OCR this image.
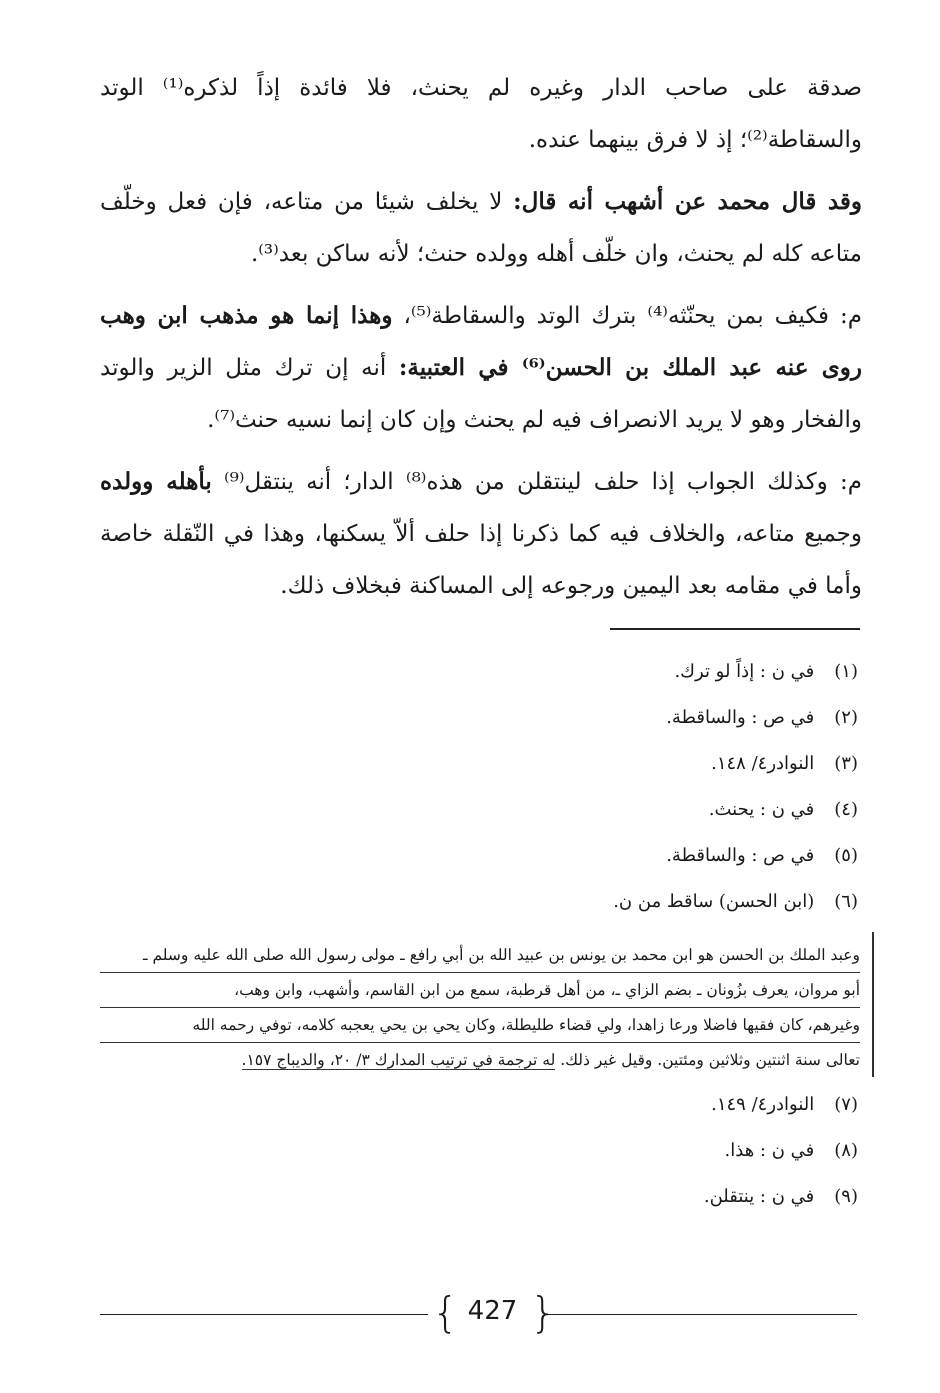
صدقة على صاحب الدار وغيره لم يحنث، فلا فائدة إذاً لذكره⁽¹⁾ الوتد والسقاطة⁽²⁾؛ إذ لا فرق بينهما عنده.

وقد قال محمد عن أشهب أنه قال: لا يخلف شيئا من متاعه، فإن فعل وخلّف متاعه كله لم يحنث، وان خلّف أهله وولده حنث؛ لأنه ساكن بعد⁽³⁾.

م: فكيف بمن يحنّثه⁽⁴⁾ بترك الوتد والسقاطة⁽⁵⁾، وهذا إنما هو مذهب ابن وهب روى عنه عبد الملك بن الحسن⁽⁶⁾ في العتبية: أنه إن ترك مثل الزير والوتد والفخار وهو لا يريد الانصراف فيه لم يحنث وإن كان إنما نسيه حنث⁽⁷⁾.

م: وكذلك الجواب إذا حلف لينتقلن من هذه⁽⁸⁾ الدار؛ أنه ينتقل⁽⁹⁾ بأهله وولده وجميع متاعه، والخلاف فيه كما ذكرنا إذا حلف ألاّ يسكنها، وهذا في النّقلة خاصة وأما في مقامه بعد اليمين ورجوعه إلى المساكنة فبخلاف ذلك.

(١) في ن : إذاً لو ترك.

(٢) في ص : والساقطة.

(٣) النوادر٤/ ١٤٨.

(٤) في ن : يحنث.

(٥) في ص : والساقطة.

(٦) (ابن الحسن) ساقط من ن.

وعبد الملك بن الحسن هو ابن محمد بن يونس بن عبيد الله بن أبي رافع ـ مولى رسول الله صلى الله عليه وسلم ـ
أبو مروان، يعرف بزُونان ـ بضم الزاي ـ، من أهل قرطبة، سمع من ابن القاسم، وأشهب، وابن وهب،
وغيرهم، كان فقيها فاضلا ورعا زاهدا، ولي قضاء طليطلة، وكان يحي بن يحي يعجبه كلامه، توفي رحمه الله
تعالى سنة اثنتين وثلاثين ومئتين. وقيل غير ذلك. له ترجمة في ترتيب المدارك ٣/ ٢٠، والديباج ١٥٧.

(٧) النوادر٤/ ١٤٩.

(٨) في ن : هذا.

(٩) في ن : ينتقلن.

{ 427 }
